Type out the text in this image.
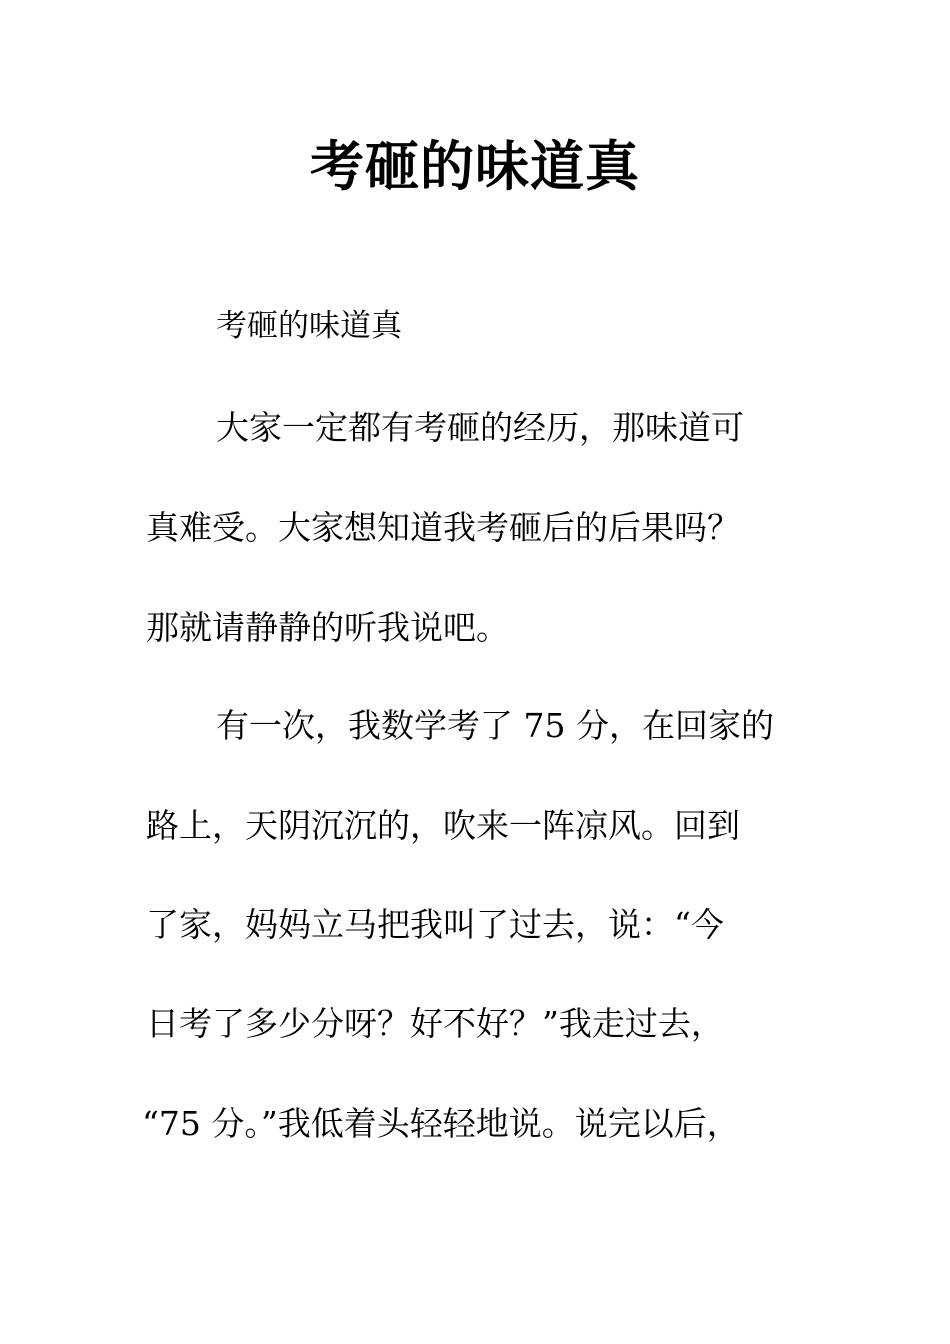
考砸的味道真
考砸的味道真
大家一定都有考砸的经历，那味道可
真难受。大家想知道我考砸后的后果吗？
那就请静静的听我说吧。
有一次，我数学考了 75 分，在回家的
路上，天阴沉沉的，吹来一阵凉风。回到
了家，妈妈立马把我叫了过去，说：“今
日考了多少分呀？好不好？”我走过去，
“75 分。”我低着头轻轻地说。说完以后，
